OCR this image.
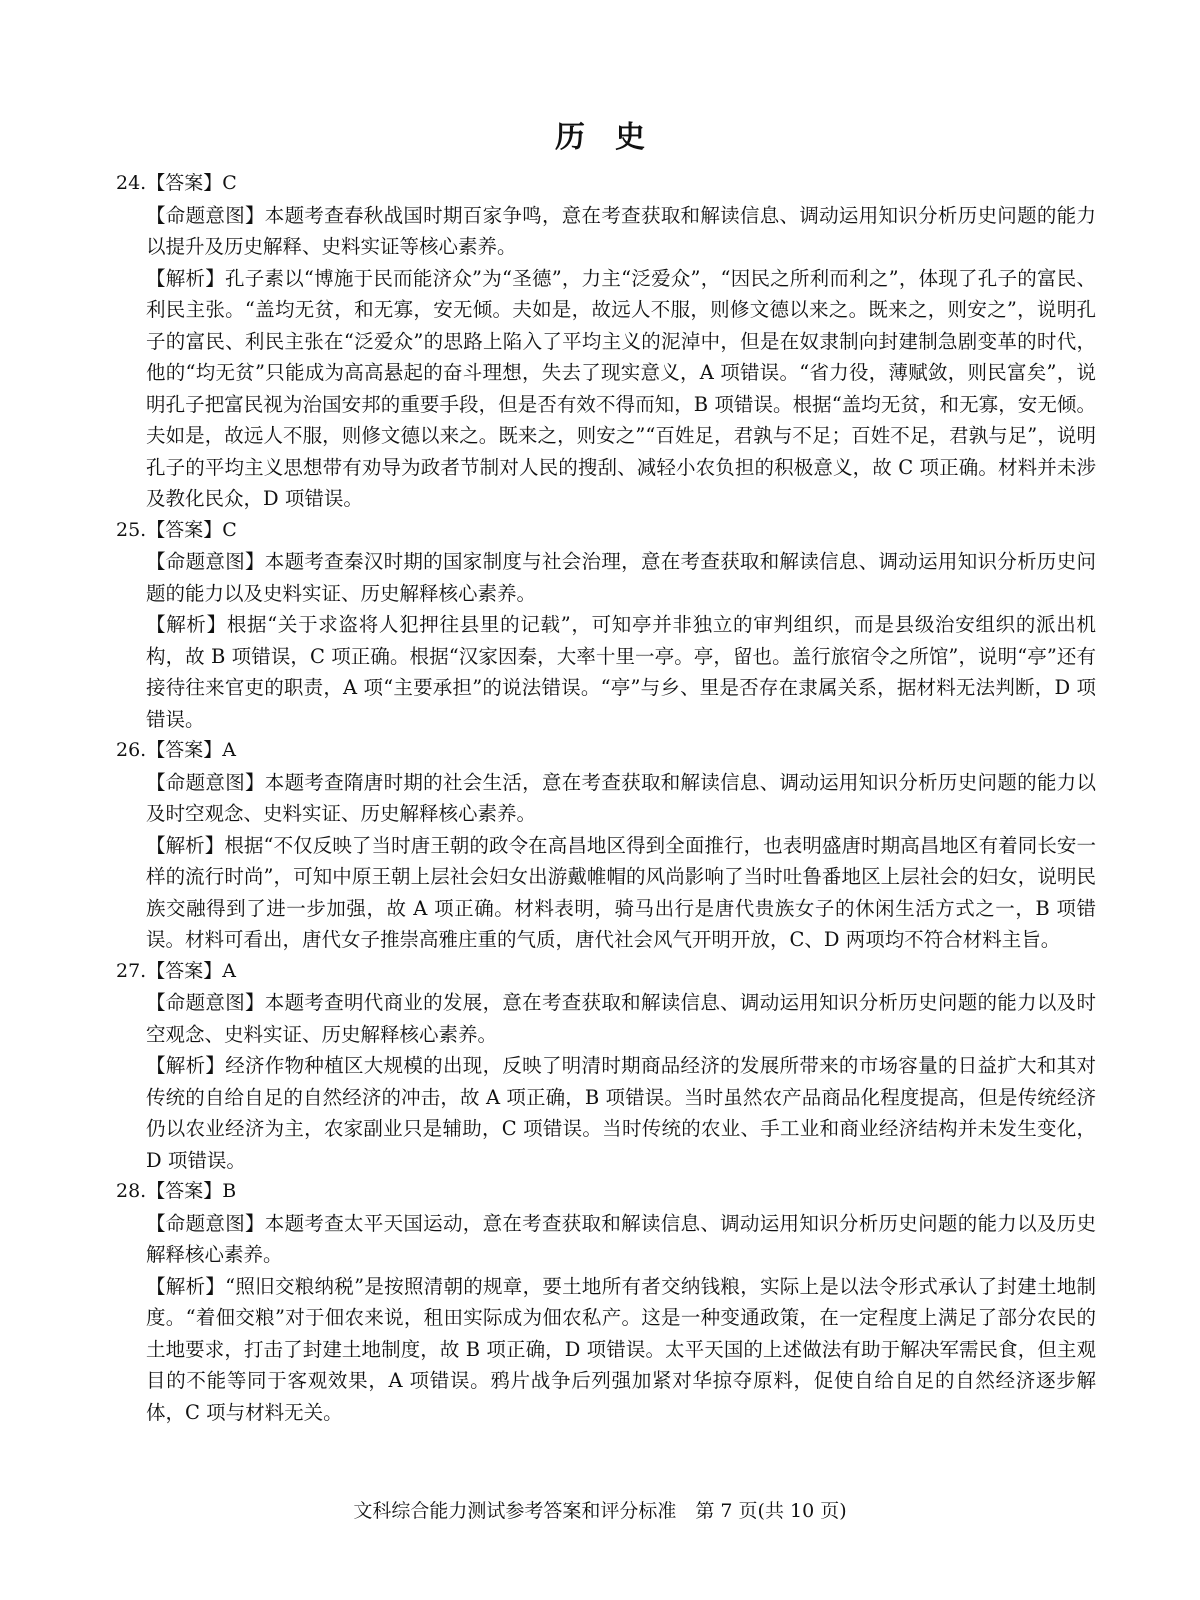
历　史
24.【答案】C

【命题意图】本题考查春秋战国时期百家争鸣，意在考查获取和解读信息、调动运用知识分析历史问题的能力以提升及历史解释、史料实证等核心素养。

【解析】孔子素以“博施于民而能济众”为“圣德”，力主“泛爱众”，“因民之所利而利之”，体现了孔子的富民、利民主张。“盖均无贫，和无寡，安无倾。夫如是，故远人不服，则修文德以来之。既来之，则安之”，说明孔子的富民、利民主张在“泛爱众”的思路上陷入了平均主义的泥淖中，但是在奴隶制向封建制急剧变革的时代，他的“均无贫”只能成为高高悬起的奋斗理想，失去了现实意义，A 项错误。“省力役，薄赋敛，则民富矣”，说明孔子把富民视为治国安邦的重要手段，但是否有效不得而知，B 项错误。根据“盖均无贫，和无寡，安无倾。夫如是，故远人不服，则修文德以来之。既来之，则安之”“百姓足，君孰与不足；百姓不足，君孰与足”，说明孔子的平均主义思想带有劝导为政者节制对人民的搜刮、减轻小农负担的积极意义，故 C 项正确。材料并未涉及教化民众，D 项错误。

25.【答案】C

【命题意图】本题考查秦汉时期的国家制度与社会治理，意在考查获取和解读信息、调动运用知识分析历史问题的能力以及史料实证、历史解释核心素养。

【解析】根据“关于求盗将人犯押往县里的记载”，可知亭并非独立的审判组织，而是县级治安组织的派出机构，故 B 项错误，C 项正确。根据“汉家因秦，大率十里一亭。亭，留也。盖行旅宿令之所馆”，说明“亭”还有接待往来官吏的职责，A 项“主要承担”的说法错误。“亭”与乡、里是否存在隶属关系，据材料无法判断，D 项错误。

26.【答案】A

【命题意图】本题考查隋唐时期的社会生活，意在考查获取和解读信息、调动运用知识分析历史问题的能力以及时空观念、史料实证、历史解释核心素养。

【解析】根据“不仅反映了当时唐王朝的政令在高昌地区得到全面推行，也表明盛唐时期高昌地区有着同长安一样的流行时尚”，可知中原王朝上层社会妇女出游戴帷帽的风尚影响了当时吐鲁番地区上层社会的妇女，说明民族交融得到了进一步加强，故 A 项正确。材料表明，骑马出行是唐代贵族女子的休闲生活方式之一，B 项错误。材料可看出，唐代女子推崇高雅庄重的气质，唐代社会风气开明开放，C、D 两项均不符合材料主旨。

27.【答案】A

【命题意图】本题考查明代商业的发展，意在考查获取和解读信息、调动运用知识分析历史问题的能力以及时空观念、史料实证、历史解释核心素养。

【解析】经济作物种植区大规模的出现，反映了明清时期商品经济的发展所带来的市场容量的日益扩大和其对传统的自给自足的自然经济的冲击，故 A 项正确，B 项错误。当时虽然农产品商品化程度提高，但是传统经济仍以农业经济为主，农家副业只是辅助，C 项错误。当时传统的农业、手工业和商业经济结构并未发生变化，D 项错误。

28.【答案】B

【命题意图】本题考查太平天国运动，意在考查获取和解读信息、调动运用知识分析历史问题的能力以及历史解释核心素养。

【解析】“照旧交粮纳税”是按照清朝的规章，要土地所有者交纳钱粮，实际上是以法令形式承认了封建土地制度。“着佃交粮”对于佃农来说，租田实际成为佃农私产。这是一种变通政策，在一定程度上满足了部分农民的土地要求，打击了封建土地制度，故 B 项正确，D 项错误。太平天国的上述做法有助于解决军需民食，但主观目的不能等同于客观效果，A 项错误。鸦片战争后列强加紧对华掠夺原料，促使自给自足的自然经济逐步解体，C 项与材料无关。

文科综合能力测试参考答案和评分标准　第 7 页(共 10 页)
